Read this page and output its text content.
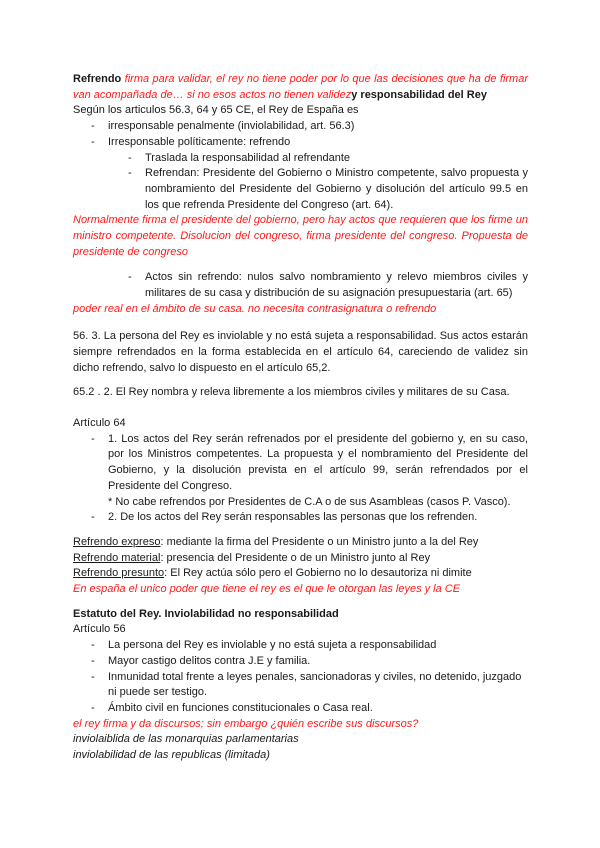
Refrendo firma para validar, el rey no tiene poder por lo que las decisiones que ha de firmar van acompañada de… si no esos actos no tienen validezy responsabilidad del Rey

Según los articulos 56.3, 64 y 65 CE, el Rey de España es

- irresponsable penalmente (inviolabilidad, art. 56.3)
- Irresponsable políticamente: refrendo
- Traslada la responsabilidad al refrendante
- Refrendan: Presidente del Gobierno o Ministro competente, salvo propuesta y nombramiento del Presidente del Gobierno y disolución del artículo 99.5 en los que refrenda Presidente del Congreso (art. 64).

Normalmente firma el presidente del gobierno, pero hay actos que requieren que los firme un ministro competente. Disolucion del congreso, firma presidente del congreso. Propuesta de presidente de congreso

- Actos sin refrendo: nulos salvo nombramiento y relevo miembros civiles y militares de su casa y distribución de su asignación presupuestaria (art. 65)

poder real en el ámbito de su casa. no necesita contrasignatura o refrendo

56. 3. La persona del Rey es inviolable y no está sujeta a responsabilidad. Sus actos estarán siempre refrendados en la forma establecida en el artículo 64, careciendo de validez sin dicho refrendo, salvo lo dispuesto en el artículo 65,2.

65.2 . 2. El Rey nombra y releva libremente a los miembros civiles y militares de su Casa.

Artículo 64

- 1. Los actos del Rey serán refrenados por el presidente del gobierno y, en su caso, por los Ministros competentes. La propuesta y el nombramiento del Presidente del Gobierno, y la disolución prevista en el artículo 99, serán refrendados por el Presidente del Congreso.
* No cabe refrendos por Presidentes de C.A o de sus Asambleas (casos P. Vasco).
- 2. De los actos del Rey serán responsables las personas que los refrenden.

Refrendo expreso: mediante la firma del Presidente o un Ministro junto a la del Rey

Refrendo material: presencia del Presidente o de un Ministro junto al Rey

Refrendo presunto: El Rey actúa sólo pero el Gobierno no lo desautoriza ni dimite

En españa el unico poder que tiene el rey es el que le otorgan las leyes y la CE

Estatuto del Rey. Inviolabilidad no responsabilidad

Artículo 56

- La persona del Rey es inviolable y no está sujeta a responsabilidad
- Mayor castigo delitos contra J.E y familia.
- Inmunidad total frente a leyes penales, sancionadoras y civiles, no detenido, juzgado ni puede ser testigo.
- Ámbito civil en funciones constitucionales o Casa real.

el rey firma y da discursos; sin embargo ¿quién escribe sus discursos?

inviolaiblida de las monarquias parlamentarias

inviolabilidad de las republicas (limitada)
